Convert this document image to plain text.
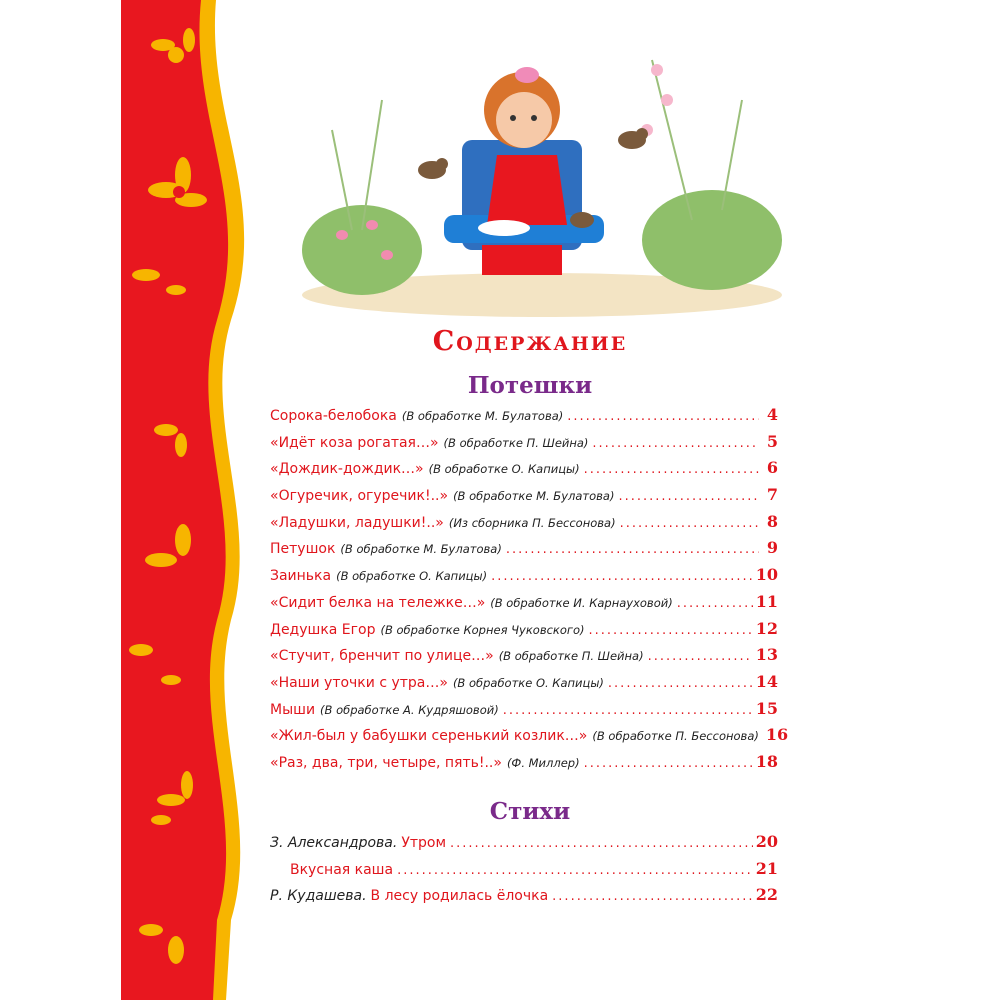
Содержание
Потешки
Сорока-белобока (В обработке М. Булатова) .....	4
«Идёт коза рогатая…» (В обработке П. Шейна) .....	5
«Дождик-дождик…» (В обработке О. Капицы) .....	6
«Огуречик, огуречик!..» (В обработке М. Булатова) .....	7
«Ладушки, ладушки!..» (Из сборника П. Бессонова) .....	8
Петушок (В обработке М. Булатова) .....	9
Заинька (В обработке О. Капицы) .....	10
«Сидит белка на тележке…» (В обработке И. Карнауховой) .....	11
Дедушка Егор (В обработке Корнея Чуковского) .....	12
«Стучит, бренчит по улице…» (В обработке П. Шейна) .....	13
«Наши уточки с утра…» (В обработке О. Капицы) .....	14
Мыши (В обработке А. Кудряшовой) .....	15
«Жил-был у бабушки серенький козлик…» (В обработке П. Бессонова) 16
«Раз, два, три, четыре, пять!..» (Ф. Миллер) .....	18
Стихи
З. Александрова. Утром .....	20
Вкусная каша .....	21
Р. Кудашева. В лесу родилась ёлочка .....	22
